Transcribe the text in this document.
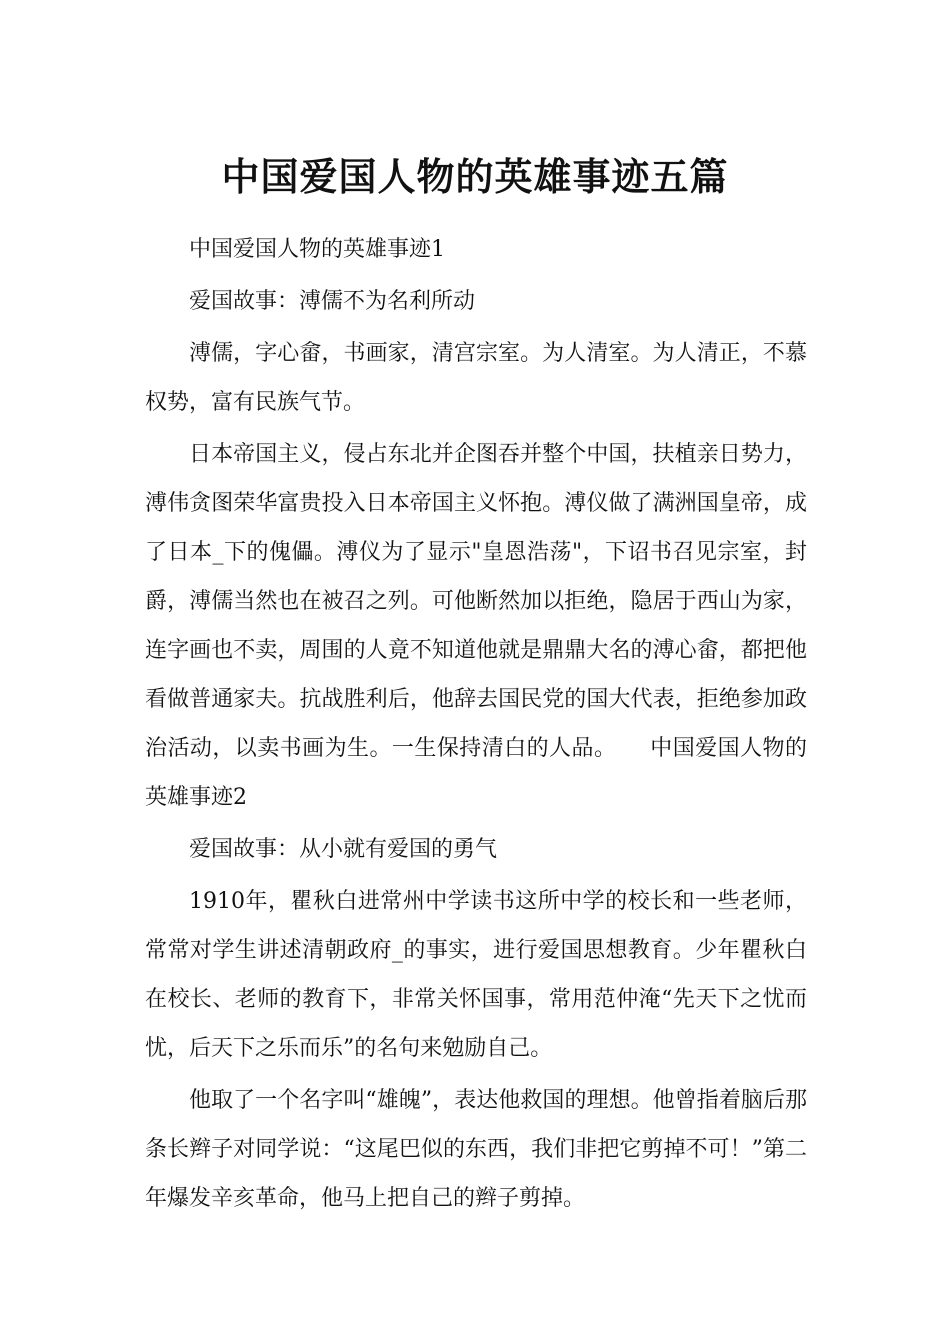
中国爱国人物的英雄事迹五篇

中国爱国人物的英雄事迹1

爱国故事：溥儒不为名利所动

溥儒，字心畲，书画家，清宫宗室。为人清室。为人清正，不慕权势，富有民族气节。

日本帝国主义，侵占东北并企图吞并整个中国，扶植亲日势力，溥伟贪图荣华富贵投入日本帝国主义怀抱。溥仪做了满洲国皇帝，成了日本_下的傀儡。溥仪为了显示"皇恩浩荡"，下诏书召见宗室，封爵，溥儒当然也在被召之列。可他断然加以拒绝，隐居于西山为家，连字画也不卖，周围的人竟不知道他就是鼎鼎大名的溥心畲，都把他看做普通家夫。抗战胜利后，他辞去国民党的国大代表，拒绝参加政治活动，以卖书画为生。一生保持清白的人品。　　中国爱国人物的英雄事迹2

爱国故事：从小就有爱国的勇气

1910年，瞿秋白进常州中学读书这所中学的校长和一些老师，常常对学生讲述清朝政府_的事实，进行爱国思想教育。少年瞿秋白在校长、老师的教育下，非常关怀国事，常用范仲淹“先天下之忧而忧，后天下之乐而乐”的名句来勉励自己。

他取了一个名字叫“雄魄”，表达他救国的理想。他曾指着脑后那条长辫子对同学说：“这尾巴似的东西，我们非把它剪掉不可！”第二年爆发辛亥革命，他马上把自己的辫子剪掉。
